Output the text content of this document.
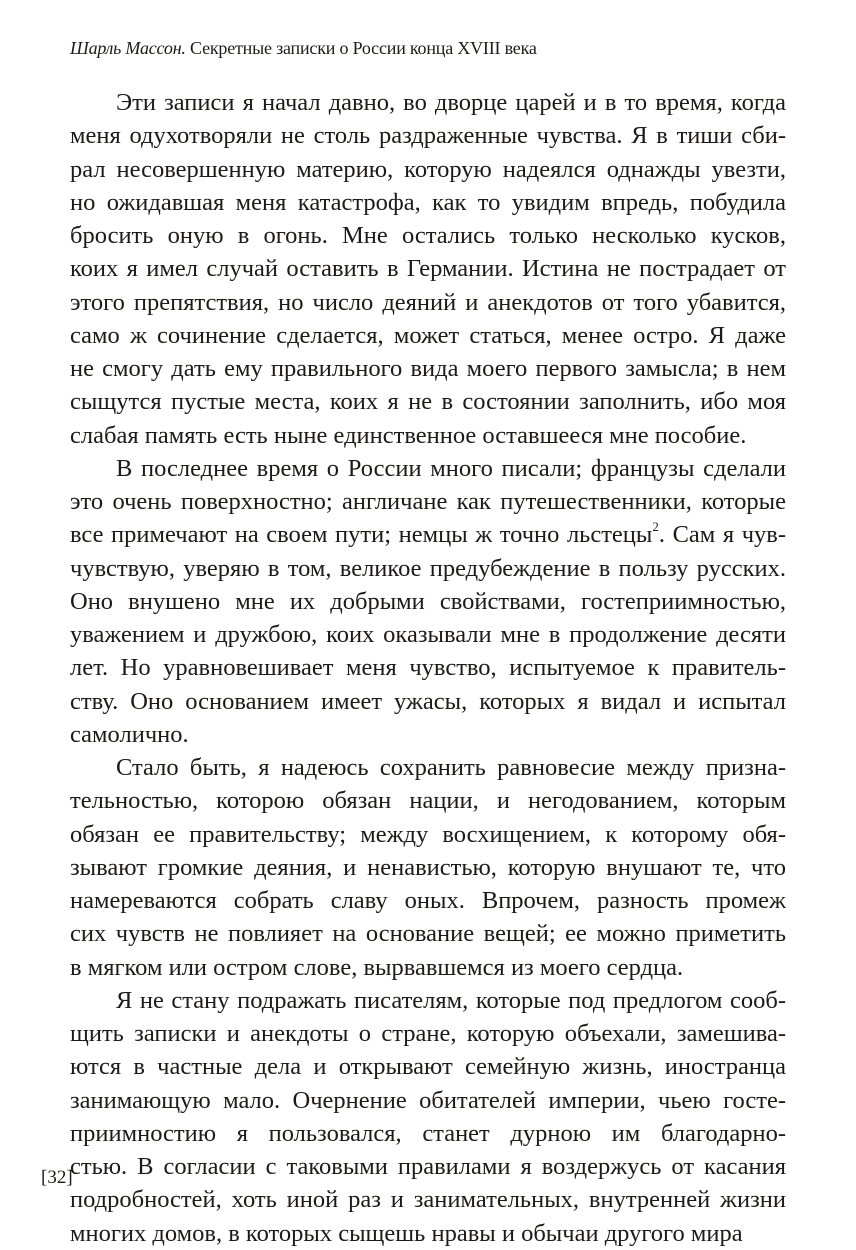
Шарль Массон. Секретные записки о России конца XVIII века
Эти записи я начал давно, во дворце царей и в то время, когда
меня одухотворяли не столь раздраженные чувства. Я в тиши сби-
рал несовершенную материю, которую надеялся однажды увезти,
но ожидавшая меня катастрофа, как то увидим впредь, побудила
бросить оную в огонь. Мне остались только несколько кусков,
коих я имел случай оставить в Германии. Истина не пострадает от
этого препятствия, но число деяний и анекдотов от того убавится,
само ж сочинение сделается, может статься, менее остро. Я даже
не смогу дать ему правильного вида моего первого замысла; в нем
сыщутся пустые места, коих я не в состоянии заполнить, ибо моя
слабая память есть ныне единственное оставшееся мне пособие.
В последнее время о России много писали; французы сделали
это очень поверхностно; англичане как путешественники, которые
все примечают на своем пути; немцы ж точно льстецы$^2$. Сам я чув-
чувствую, уверяю в том, великое предубеждение в пользу русских.
Оно внушено мне их добрыми свойствами, гостеприимностью,
уважением и дружбою, коих оказывали мне в продолжение десяти
лет. Но уравновешивает меня чувство, испытуемое к правитель-
ству. Оно основанием имеет ужасы, которых я видал и испытал
самолично.
Стало быть, я надеюсь сохранить равновесие между призна-
тельностью, которою обязан нации, и негодованием, которым
обязан ее правительству; между восхищением, к которому обя-
зывают громкие деяния, и ненавистью, которую внушают те, что
намереваются собрать славу оных. Впрочем, разность промеж
сих чувств не повлияет на основание вещей; ее можно приметить
в мягком или остром слове, вырвавшемся из моего сердца.
Я не стану подражать писателям, которые под предлогом сооб-
щить записки и анекдоты о стране, которую объехали, замешива-
ются в частные дела и открывают семейную жизнь, иностранца
занимающую мало. Очернение обитателей империи, чьею госте-
приимностию я пользовался, станет дурною им благодарно-
стью. В согласии с таковыми правилами я воздержусь от касания
подробностей, хоть иной раз и занимательных, внутренней жизни
многих домов, в которых сыщешь нравы и обычаи другого мира
[32]
